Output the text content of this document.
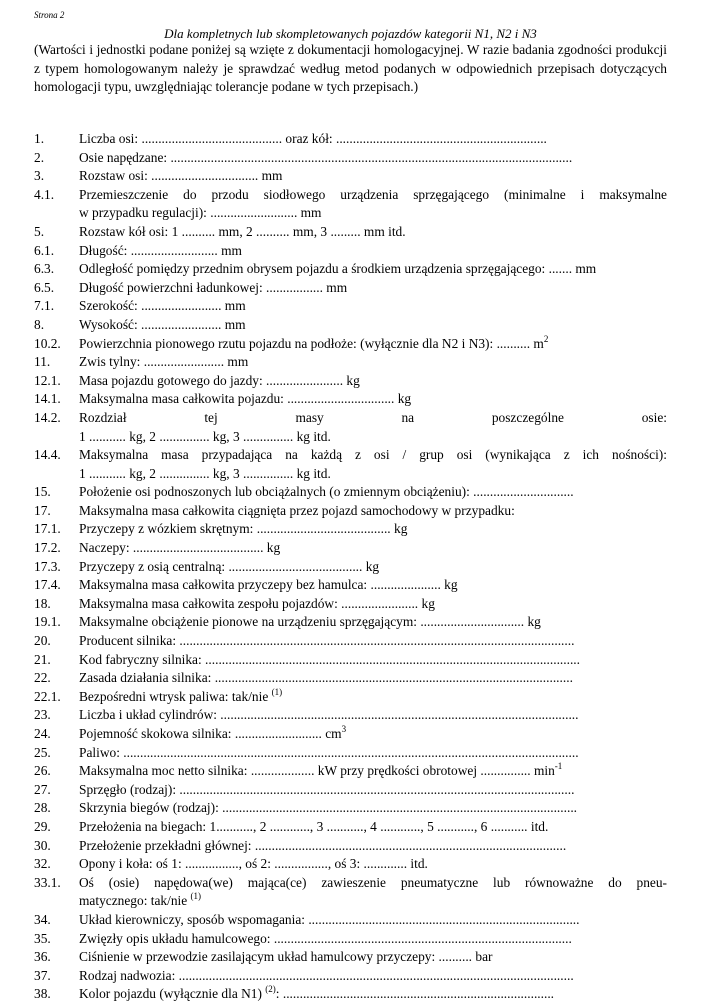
Strona 2
Dla kompletnych lub skompletowanych pojazdów kategorii N1, N2 i N3
(Wartości i jednostki podane poniżej są wzięte z dokumentacji homologacyjnej. W razie badania zgodności produkcji z typem homologowanym należy je sprawdzać według metod podanych w odpowiednich przepisach dotyczących homologacji typu, uwzględniając tolerancje podane w tych przepisach.)
1.	Liczba osi: .......................................... oraz kół: ...............................................................
2.	Osie napędzane: ........................................................................................................................
3.	Rozstaw osi: ................................ mm
4.1. Przemieszczenie do przodu siodłowego urządzenia sprzęgającego (minimalne i maksymalne
w przypadku regulacji): .......................... mm
5.	Rozstaw kół osi: 1 .......... mm, 2 .......... mm, 3 ......... mm itd.
6.1. Długość: .......................... mm
6.3. Odległość pomiędzy przednim obrysem pojazdu a środkiem urządzenia sprzęgającego: ....... mm
6.5. Długość powierzchni ładunkowej: ................. mm
7.1. Szerokość: ........................ mm
8.	Wysokość: ........................ mm
10.2. Powierzchnia pionowego rzutu pojazdu na podłoże: (wyłącznie dla N2 i N3): .......... $m^2$
11. Zwis tylny: ........................ mm
12.1. Masa pojazdu gotowego do jazdy: ....................... kg
14.1. Maksymalna masa całkowita pojazdu: ................................ kg
14.2. Rozdział tej masy na poszczególne osie:
1 ........... kg, 2 ............... kg, 3 ............... kg itd.
14.4. Maksymalna masa przypadająca na każdą z osi / grup osi (wynikająca z ich nośności):
1 ........... kg, 2 ............... kg, 3 ............... kg itd.
15. Położenie osi podnoszonych lub obciążalnych (o zmiennym obciążeniu): ..............................
17. Maksymalna masa całkowita ciągnięta przez pojazd samochodowy w przypadku:
17.1. Przyczepy z wózkiem skrętnym: ........................................ kg
17.2. Naczepy: ....................................... kg
17.3. Przyczepy z osią centralną: ........................................ kg
17.4. Maksymalna masa całkowita przyczepy bez hamulca: ..................... kg
18. Maksymalna masa całkowita zespołu pojazdów: ....................... kg
19.1. Maksymalne obciążenie pionowe na urządzeniu sprzęgającym: ............................... kg
20. Producent silnika: ......................................................................................................................
21. Kod fabryczny silnika: ................................................................................................................
22. Zasada działania silnika: ...........................................................................................................
22.1. Bezpośredni wtrysk paliwa: tak/nie $^{(1)}$
23. Liczba i układ cylindrów: ...........................................................................................................
24. Pojemność skokowa silnika: .......................... $cm^3$
25. Paliwo: ........................................................................................................................................
26. Maksymalna moc netto silnika: ................... kW przy prędkości obrotowej ............... $\min^{-1}$
27. Sprzęgło (rodzaj): ......................................................................................................................
28. Skrzynia biegów (rodzaj): ..........................................................................................................
29. Przełożenia na biegach: 1..........., 2 ............, 3 ..........., 4 ............, 5 ..........., 6 ........... itd.
30. Przełożenie przekładni głównej: .............................................................................................
32. Opony i koła: oś 1: ................, oś 2: ................, oś 3: ............. itd.
33.1. Oś (osie) napędowa(we) mająca(ce) zawieszenie pneumatyczne lub równoważne do pneu-
matycznego: tak/nie $^{(1)}$
34. Układ kierowniczy, sposób wspomagania: .................................................................................
35. Zwięzły opis układu hamulcowego: .........................................................................................
36. Ciśnienie w przewodzie zasilającym układ hamulcowy przyczepy: .......... bar
37. Rodzaj nadwozia: ......................................................................................................................
38. Kolor pojazdu (wyłącznie dla N1) $^{(2)}$: .................................................................................
